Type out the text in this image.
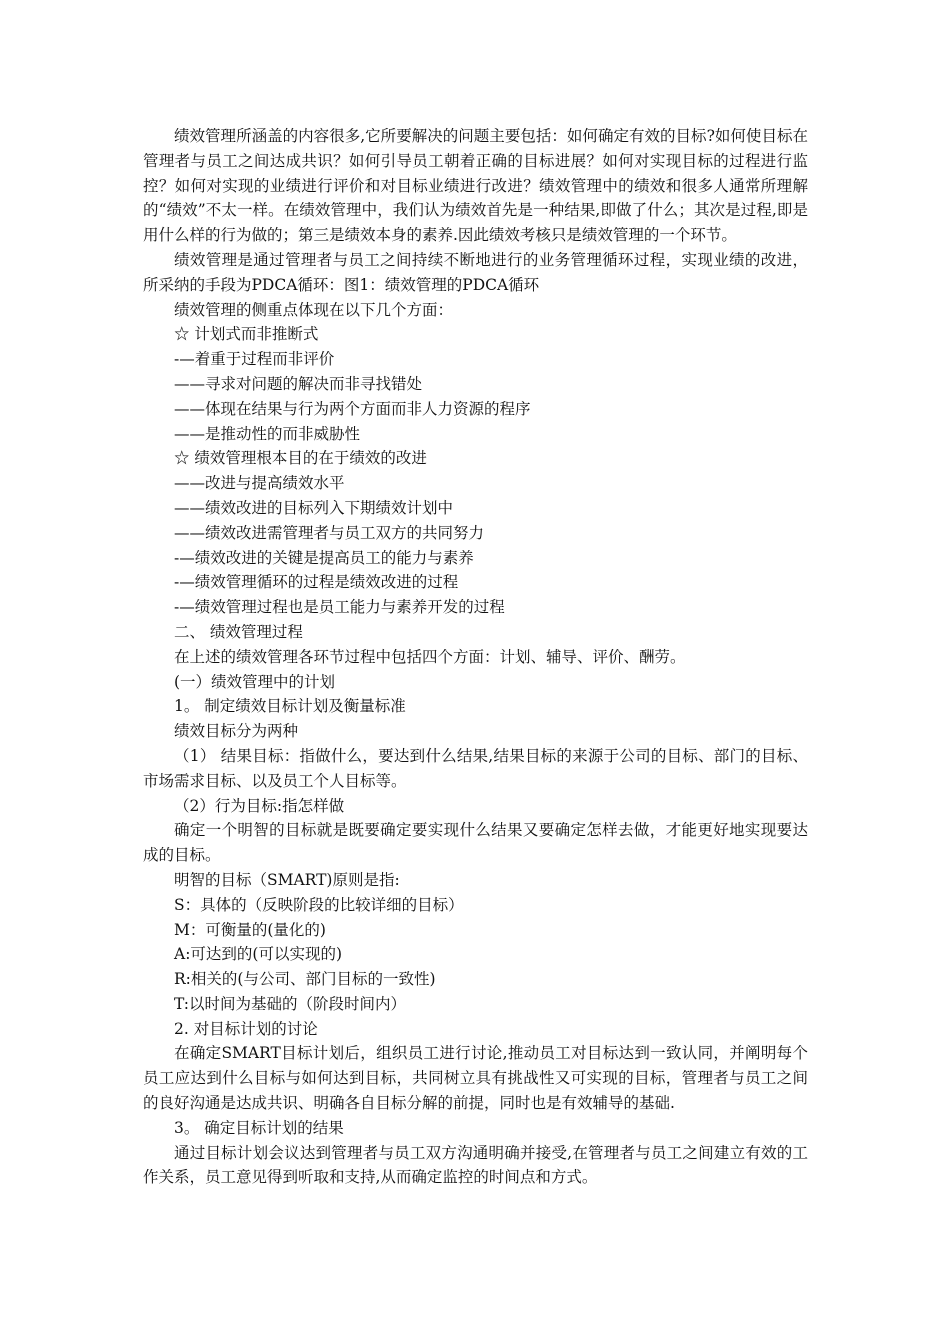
绩效管理所涵盖的内容很多,它所要解决的问题主要包括：如何确定有效的目标?如何使目标在管理者与员工之间达成共识？如何引导员工朝着正确的目标进展？如何对实现目标的过程进行监控？如何对实现的业绩进行评价和对目标业绩进行改进？绩效管理中的绩效和很多人通常所理解的“绩效”不太一样。在绩效管理中，我们认为绩效首先是一种结果,即做了什么；其次是过程,即是用什么样的行为做的；第三是绩效本身的素养.因此绩效考核只是绩效管理的一个环节。

绩效管理是通过管理者与员工之间持续不断地进行的业务管理循环过程，实现业绩的改进，所采纳的手段为PDCA循环：图1：绩效管理的PDCA循环

绩效管理的侧重点体现在以下几个方面：

☆ 计划式而非推断式

-—着重于过程而非评价

——寻求对问题的解决而非寻找错处

——体现在结果与行为两个方面而非人力资源的程序

——是推动性的而非威胁性

☆ 绩效管理根本目的在于绩效的改进

——改进与提高绩效水平

——绩效改进的目标列入下期绩效计划中

——绩效改进需管理者与员工双方的共同努力

-—绩效改进的关键是提高员工的能力与素养

-—绩效管理循环的过程是绩效改进的过程

-—绩效管理过程也是员工能力与素养开发的过程

二、 绩效管理过程

在上述的绩效管理各环节过程中包括四个方面：计划、辅导、评价、酬劳。

(一）绩效管理中的计划

1。 制定绩效目标计划及衡量标准

绩效目标分为两种

（1） 结果目标：指做什么，要达到什么结果,结果目标的来源于公司的目标、部门的目标、市场需求目标、以及员工个人目标等。

（2）行为目标:指怎样做

确定一个明智的目标就是既要确定要实现什么结果又要确定怎样去做，才能更好地实现要达成的目标。

明智的目标（SMART)原则是指:

S：具体的（反映阶段的比较详细的目标）

M：可衡量的(量化的)

A:可达到的(可以实现的)

R:相关的(与公司、部门目标的一致性)

T:以时间为基础的（阶段时间内）

2. 对目标计划的讨论

在确定SMART目标计划后，组织员工进行讨论,推动员工对目标达到一致认同，并阐明每个员工应达到什么目标与如何达到目标，共同树立具有挑战性又可实现的目标，管理者与员工之间的良好沟通是达成共识、明确各自目标分解的前提，同时也是有效辅导的基础.

3。 确定目标计划的结果

通过目标计划会议达到管理者与员工双方沟通明确并接受,在管理者与员工之间建立有效的工作关系，员工意见得到听取和支持,从而确定监控的时间点和方式。
